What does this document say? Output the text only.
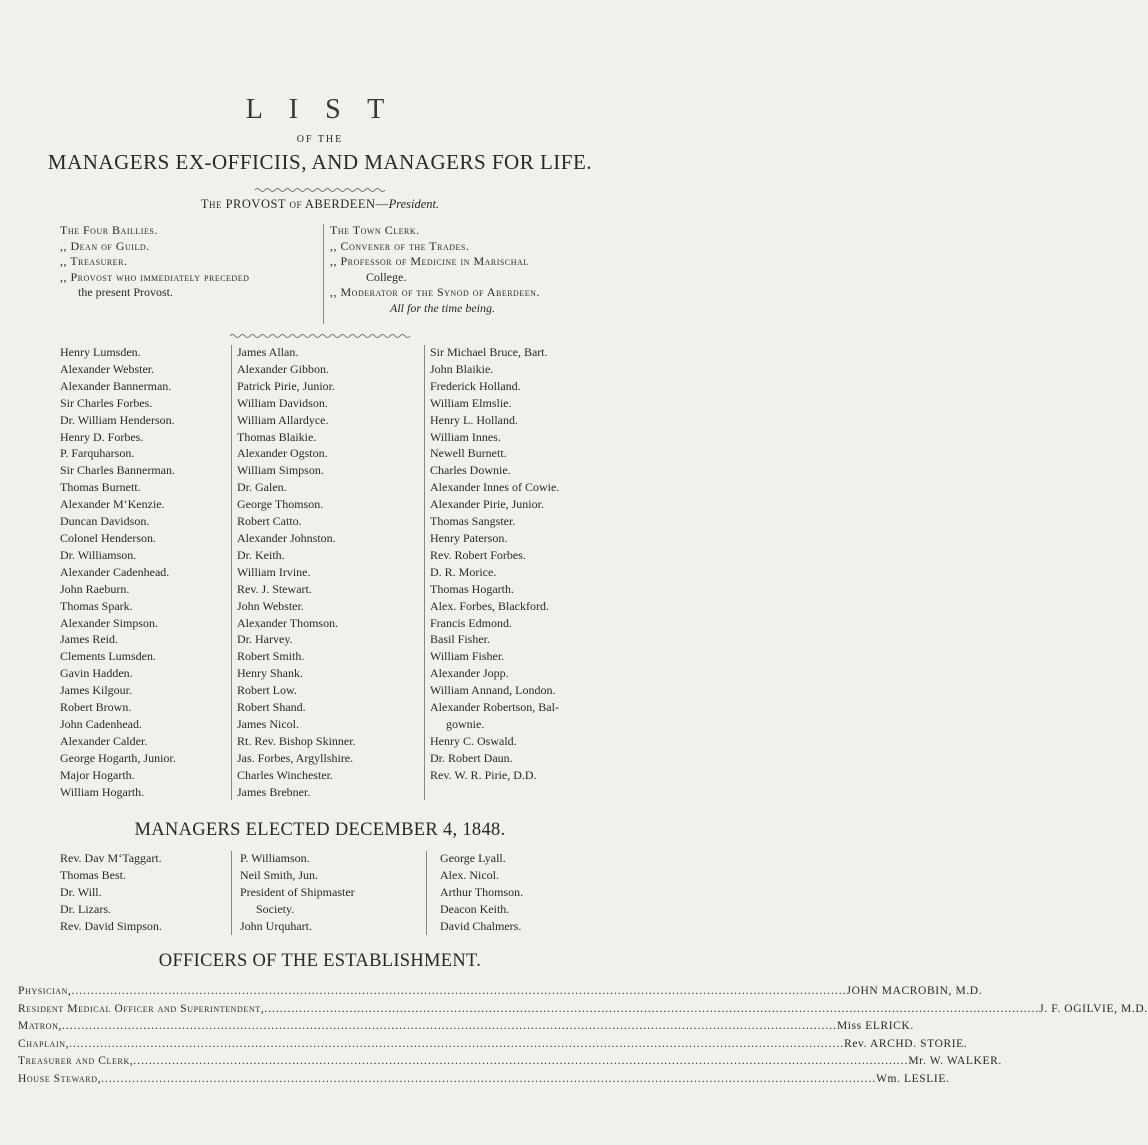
L I S T
OF THE
MANAGERS EX-OFFICIIS, AND MANAGERS FOR LIFE.
The PROVOST of ABERDEEN—President.
The Four Baillies.
,, Dean of Guild.
,, Treasurer.
,, Provost who immediately preceded
the present Provost.
The Town Clerk.
,, Convener of the Trades.
,, Professor of Medicine in Marischal
College.
,, Moderator of the Synod of Aberdeen.
All for the time being.
Henry Lumsden.
Alexander Webster.
Alexander Bannerman.
Sir Charles Forbes.
Dr. William Henderson.
Henry D. Forbes.
P. Farquharson.
Sir Charles Bannerman.
Thomas Burnett.
Alexander M‘Kenzie.
Duncan Davidson.
Colonel Henderson.
Dr. Williamson.
Alexander Cadenhead.
John Raeburn.
Thomas Spark.
Alexander Simpson.
James Reid.
Clements Lumsden.
Gavin Hadden.
James Kilgour.
Robert Brown.
John Cadenhead.
Alexander Calder.
George Hogarth, Junior.
Major Hogarth.
William Hogarth.
James Allan.
Alexander Gibbon.
Patrick Pirie, Junior.
William Davidson.
William Allardyce.
Thomas Blaikie.
Alexander Ogston.
William Simpson.
Dr. Galen.
George Thomson.
Robert Catto.
Alexander Johnston.
Dr. Keith.
William Irvine.
Rev. J. Stewart.
John Webster.
Alexander Thomson.
Dr. Harvey.
Robert Smith.
Henry Shank.
Robert Low.
Robert Shand.
James Nicol.
Rt. Rev. Bishop Skinner.
Jas. Forbes, Argyllshire.
Charles Winchester.
James Brebner.
Sir Michael Bruce, Bart.
John Blaikie.
Frederick Holland.
William Elmslie.
Henry L. Holland.
William Innes.
Newell Burnett.
Charles Downie.
Alexander Innes of Cowie.
Alexander Pirie, Junior.
Thomas Sangster.
Henry Paterson.
Rev. Robert Forbes.
D. R. Morice.
Thomas Hogarth.
Alex. Forbes, Blackford.
Francis Edmond.
Basil Fisher.
William Fisher.
Alexander Jopp.
William Annand, London.
Alexander Robertson, Bal-
gownie.
Henry C. Oswald.
Dr. Robert Daun.
Rev. W. R. Pirie, D.D.
MANAGERS ELECTED DECEMBER 4, 1848.
Rev. Dav M‘Taggart.
Thomas Best.
Dr. Will.
Dr. Lizars.
Rev. David Simpson.
P. Williamson.
Neil Smith, Jun.
President of Shipmaster
Society.
John Urquhart.
George Lyall.
Alex. Nicol.
Arthur Thomson.
Deacon Keith.
David Chalmers.
OFFICERS OF THE ESTABLISHMENT.
Physician, ........................................................................................................................................................................................................ JOHN MACROBIN, M.D.
Resident Medical Officer and Superintendent, ........................................................................................................................................................................................................ J. F. OGILVIE, M.D.
Matron, ........................................................................................................................................................................................................ Miss ELRICK.
Chaplain, ........................................................................................................................................................................................................ Rev. ARCHD. STORIE.
Treasurer and Clerk, ........................................................................................................................................................................................................ Mr. W. WALKER.
House Steward, ........................................................................................................................................................................................................ Wm. LESLIE.
